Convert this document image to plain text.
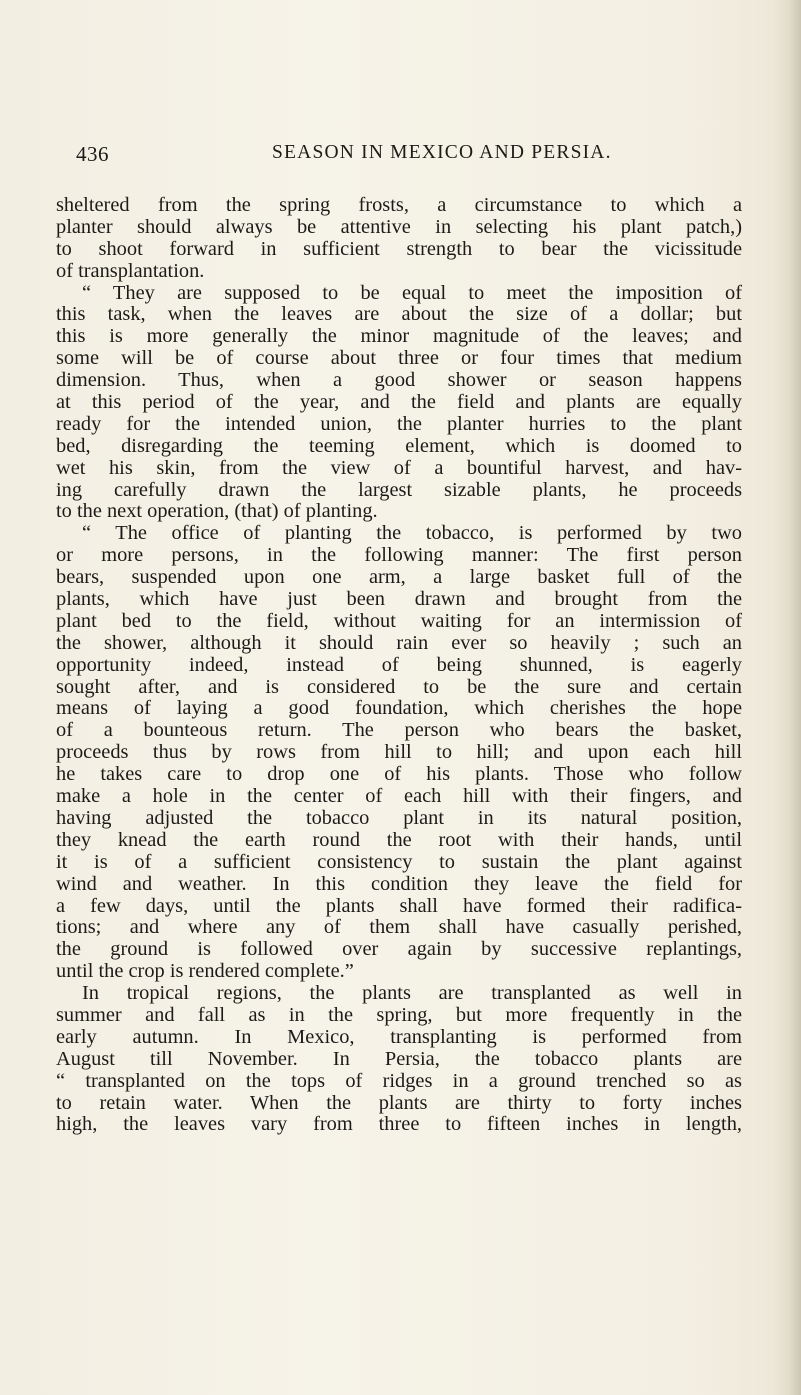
436	SEASON IN MEXICO AND PERSIA.
sheltered from the spring frosts, a circumstance to which a
planter should always be attentive in selecting his plant patch,)
to shoot forward in sufficient strength to bear the vicissitude
of transplantation.
“ They are supposed to be equal to meet the imposition of
this task, when the leaves are about the size of a dollar; but
this is more generally the minor magnitude of the leaves; and
some will be of course about three or four times that medium
dimension. Thus, when a good shower or season happens
at this period of the year, and the field and plants are equally
ready for the intended union, the planter hurries to the plant
bed, disregarding the teeming element, which is doomed to
wet his skin, from the view of a bountiful harvest, and hav-
ing carefully drawn the largest sizable plants, he proceeds
to the next operation, (that) of planting.
“ The office of planting the tobacco, is performed by two
or more persons, in the following manner: The first person
bears, suspended upon one arm, a large basket full of the
plants, which have just been drawn and brought from the
plant bed to the field, without waiting for an intermission of
the shower, although it should rain ever so heavily ; such an
opportunity indeed, instead of being shunned, is eagerly
sought after, and is considered to be the sure and certain
means of laying a good foundation, which cherishes the hope
of a bounteous return. The person who bears the basket,
proceeds thus by rows from hill to hill; and upon each hill
he takes care to drop one of his plants. Those who follow
make a hole in the center of each hill with their fingers, and
having adjusted the tobacco plant in its natural position,
they knead the earth round the root with their hands, until
it is of a sufficient consistency to sustain the plant against
wind and weather. In this condition they leave the field for
a few days, until the plants shall have formed their radifica-
tions; and where any of them shall have casually perished,
the ground is followed over again by successive replantings,
until the crop is rendered complete.”
In tropical regions, the plants are transplanted as well in
summer and fall as in the spring, but more frequently in the
early autumn. In Mexico, transplanting is performed from
August till November. In Persia, the tobacco plants are
“ transplanted on the tops of ridges in a ground trenched so as
to retain water. When the plants are thirty to forty inches
high, the leaves vary from three to fifteen inches in length,
